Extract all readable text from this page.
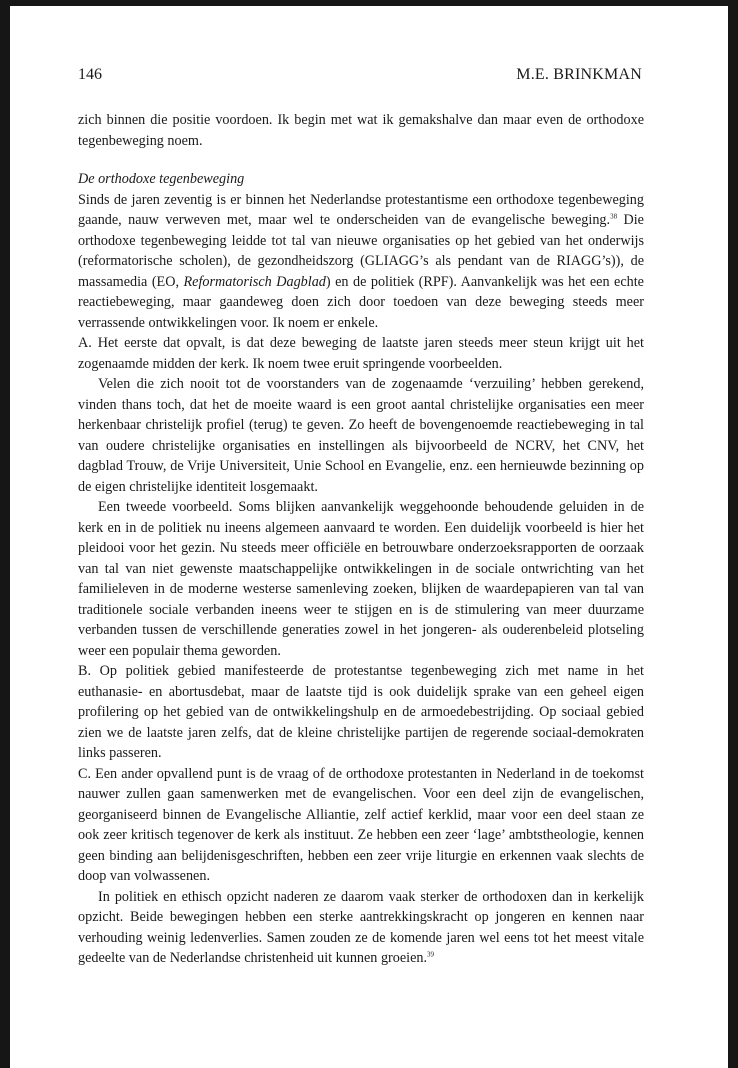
146	M.E. BRINKMAN

zich binnen die positie voordoen. Ik begin met wat ik gemakshalve dan maar even de orthodoxe tegenbeweging noem.

De orthodoxe tegenbeweging

Sinds de jaren zeventig is er binnen het Nederlandse protestantisme een orthodoxe tegenbeweging gaande, nauw verweven met, maar wel te onderscheiden van de evangelische beweging.$^{38}$ Die orthodoxe tegenbeweging leidde tot tal van nieuwe organisaties op het gebied van het onderwijs (reformatorische scholen), de gezondheidszorg (GLIAGG’s als pendant van de RIAGG’s)), de massamedia (EO, Reformatorisch Dagblad) en de politiek (RPF). Aanvankelijk was het een echte reactiebeweging, maar gaandeweg doen zich door toedoen van deze beweging steeds meer verrassende ontwikkelingen voor. Ik noem er enkele.

A. Het eerste dat opvalt, is dat deze beweging de laatste jaren steeds meer steun krijgt uit het zogenaamde midden der kerk. Ik noem twee eruit springende voorbeelden.

Velen die zich nooit tot de voorstanders van de zogenaamde ‘verzuiling’ hebben gerekend, vinden thans toch, dat het de moeite waard is een groot aantal christelijke organisaties een meer herkenbaar christelijk profiel (terug) te geven. Zo heeft de bovengenoemde reactiebeweging in tal van oudere christelijke organisaties en instellingen als bijvoorbeeld de NCRV, het CNV, het dagblad Trouw, de Vrije Universiteit, Unie School en Evangelie, enz. een hernieuwde bezinning op de eigen christelijke identiteit losgemaakt.

Een tweede voorbeeld. Soms blijken aanvankelijk weggehoonde behoudende geluiden in de kerk en in de politiek nu ineens algemeen aanvaard te worden. Een duidelijk voorbeeld is hier het pleidooi voor het gezin. Nu steeds meer officiële en betrouwbare onderzoeksrapporten de oorzaak van tal van niet gewenste maatschappelijke ontwikkelingen in de sociale ontwrichting van het familieleven in de moderne westerse samenleving zoeken, blijken de waardepapieren van tal van traditionele sociale verbanden ineens weer te stijgen en is de stimulering van meer duurzame verbanden tussen de verschillende generaties zowel in het jongeren- als ouderenbeleid plotseling weer een populair thema geworden.

B. Op politiek gebied manifesteerde de protestantse tegenbeweging zich met name in het euthanasie- en abortusdebat, maar de laatste tijd is ook duidelijk sprake van een geheel eigen profilering op het gebied van de ontwikkelingshulp en de armoedebestrijding. Op sociaal gebied zien we de laatste jaren zelfs, dat de kleine christelijke partijen de regerende sociaal-demokraten links passeren.

C. Een ander opvallend punt is de vraag of de orthodoxe protestanten in Nederland in de toekomst nauwer zullen gaan samenwerken met de evangelischen. Voor een deel zijn de evangelischen, georganiseerd binnen de Evangelische Alliantie, zelf actief kerklid, maar voor een deel staan ze ook zeer kritisch tegenover de kerk als instituut. Ze hebben een zeer ‘lage’ ambtstheologie, kennen geen binding aan belijdenisgeschriften, hebben een zeer vrije liturgie en erkennen vaak slechts de doop van volwassenen.

In politiek en ethisch opzicht naderen ze daarom vaak sterker de orthodoxen dan in kerkelijk opzicht. Beide bewegingen hebben een sterke aantrekkingskracht op jongeren en kennen naar verhouding weinig ledenverlies. Samen zouden ze de komende jaren wel eens tot het meest vitale gedeelte van de Nederlandse christenheid uit kunnen groeien.$^{39}$
